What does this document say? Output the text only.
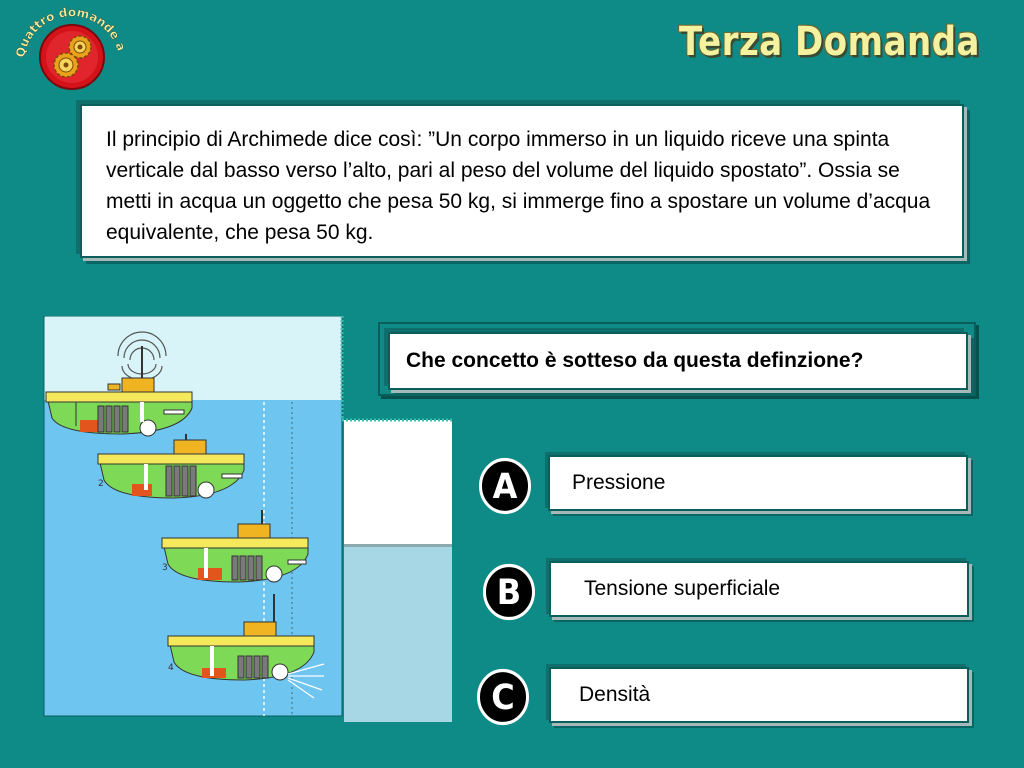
Quattro domande a	Terza Domanda
Il principio di Archimede dice così: ”Un corpo immerso in un liquido riceve una spinta verticale dal basso verso l’alto, pari al peso del volume del liquido spostato”. Ossia se metti in acqua un oggetto che pesa 50 kg, si immerge fino a spostare un volume d’acqua equivalente, che pesa 50 kg.
2
3
4
Che concetto è sotteso da questa definzione?
A	Pressione
B	Tensione superficiale
C	Densità
